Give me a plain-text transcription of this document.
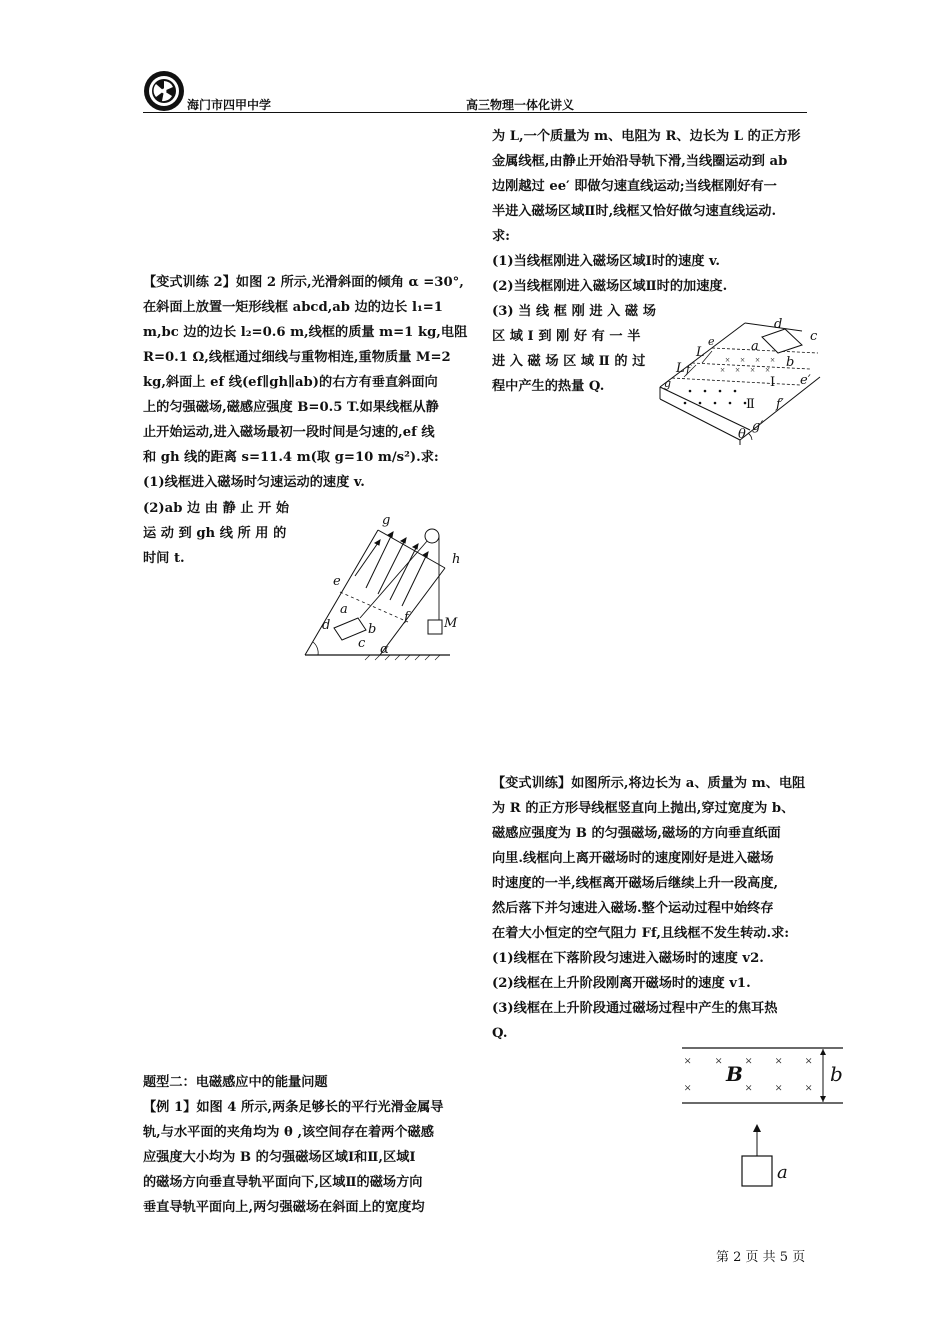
海门市四甲中学	高三物理一体化讲义
【变式训练 2】如图 2 所示,光滑斜面的倾角 α =30°,
在斜面上放置一矩形线框 abcd,ab 边的边长 l₁=1
m,bc 边的边长 l₂=0.6 m,线框的质量 m=1 kg,电阻
R=0.1 Ω,线框通过细线与重物相连,重物质量 M=2
kg,斜面上 ef 线(ef∥gh∥ab)的右方有垂直斜面向
上的匀强磁场,磁感应强度 B=0.5 T.如果线框从静
止开始运动,进入磁场最初一段时间是匀速的,ef 线
和 gh 线的距离 s=11.4 m(取 g=10 m/s²).求:
(1)线框进入磁场时匀速运动的速度 v.
(2)ab 边 由 静 止 开 始
运 动 到 gh 线 所 用 的
时间 t.
g
h
e
f
a
b
c
d	M
α
题型二：电磁感应中的能量问题
【例 1】如图 4 所示,两条足够长的平行光滑金属导
轨,与水平面的夹角均为 θ ,该空间存在着两个磁感
应强度大小均为 B 的匀强磁场区域Ⅰ和Ⅱ,区域Ⅰ
的磁场方向垂直导轨平面向下,区域Ⅱ的磁场方向
垂直导轨平面向上,两匀强磁场在斜面上的宽度均
为 L,一个质量为 m、电阻为 R、边长为 L 的正方形
金属线框,由静止开始沿导轨下滑,当线圈运动到 ab
边刚越过 ee′ 即做匀速直线运动;当线框刚好有一
半进入磁场区域Ⅱ时,线框又恰好做匀速直线运动.
求:
(1)当线框刚进入磁场区域Ⅰ时的速度 v.
(2)当线框刚进入磁场区域Ⅱ时的加速度.
(3) 当 线 框 刚 进 入 磁 场
区 域 Ⅰ 到 刚 好 有 一 半
进 入 磁 场 区 域 Ⅱ 的 过
程中产生的热量 Q.
× × × ×
× × × ×
d
c
a
b
e
e′
f
f′
g
g′
L
L
Ⅰ
Ⅱ
θ
【变式训练】如图所示,将边长为 a、质量为 m、电阻
为 R 的正方形导线框竖直向上抛出,穿过宽度为 b、
磁感应强度为 B 的匀强磁场,磁场的方向垂直纸面
向里.线框向上离开磁场时的速度刚好是进入磁场
时速度的一半,线框离开磁场后继续上升一段高度,
然后落下并匀速进入磁场.整个运动过程中始终存
在着大小恒定的空气阻力 Ff,且线框不发生转动.求:
(1)线框在下落阶段匀速进入磁场时的速度 v2.
(2)线框在上升阶段刚离开磁场时的速度 v1.
(3)线框在上升阶段通过磁场过程中产生的焦耳热
Q.
× × × × ×
×	× × ×
B	b
a
第 2 页 共 5 页
